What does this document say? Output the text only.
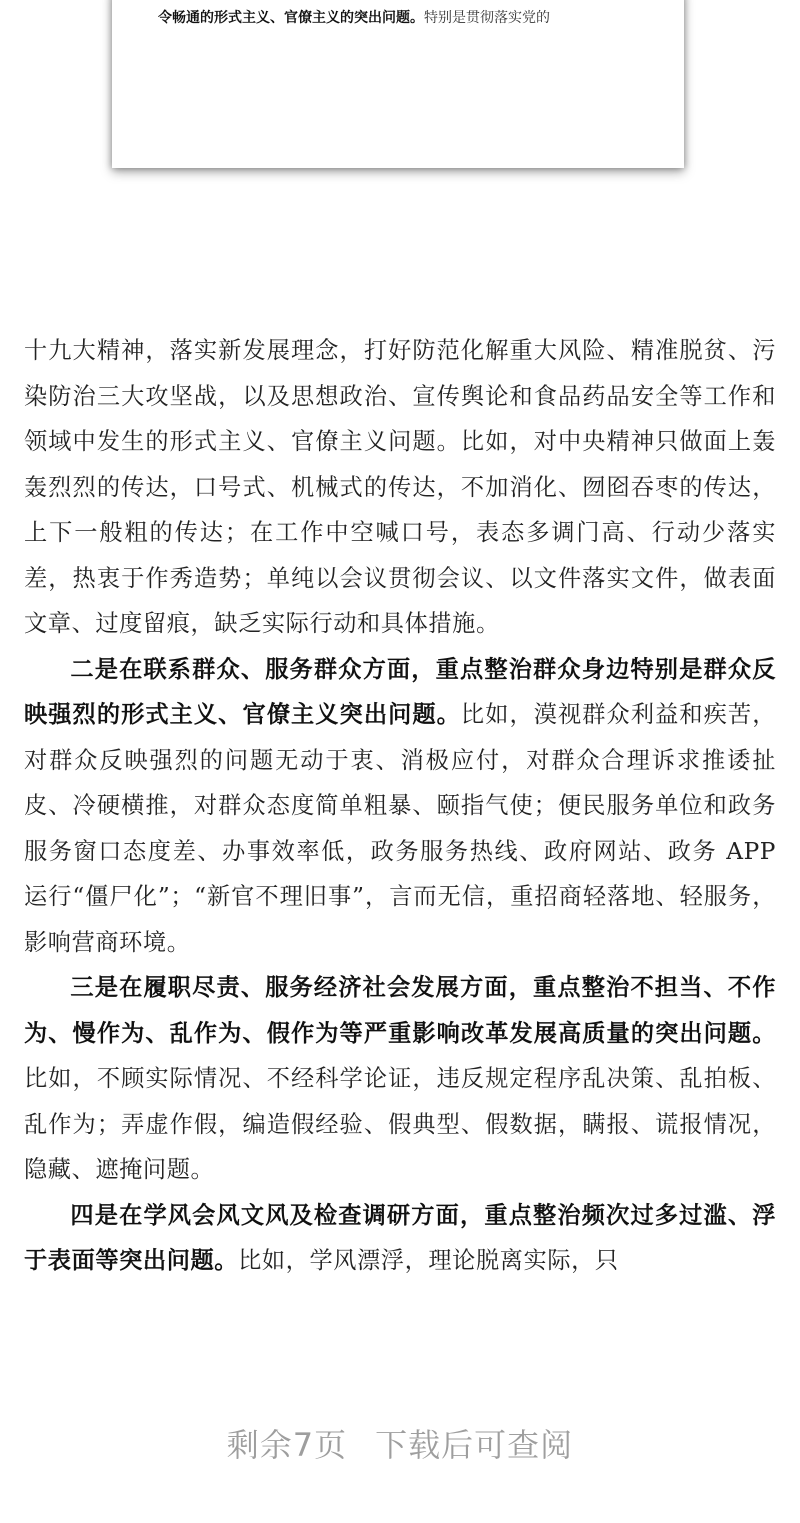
令畅通的形式主义、官僚主义的突出问题。特别是贯彻落实党的

十九大精神，落实新发展理念，打好防范化解重大风险、精准脱贫、污染防治三大攻坚战，以及思想政治、宣传舆论和食品药品安全等工作和领域中发生的形式主义、官僚主义问题。比如，对中央精神只做面上轰轰烈烈的传达，口号式、机械式的传达，不加消化、囫囵吞枣的传达，上下一般粗的传达；在工作中空喊口号，表态多调门高、行动少落实差，热衷于作秀造势；单纯以会议贯彻会议、以文件落实文件，做表面文章、过度留痕，缺乏实际行动和具体措施。

二是在联系群众、服务群众方面，重点整治群众身边特别是群众反映强烈的形式主义、官僚主义突出问题。比如，漠视群众利益和疾苦，对群众反映强烈的问题无动于衷、消极应付，对群众合理诉求推诿扯皮、冷硬横推，对群众态度简单粗暴、颐指气使；便民服务单位和政务服务窗口态度差、办事效率低，政务服务热线、政府网站、政务 APP 运行“僵尸化”；“新官不理旧事”，言而无信，重招商轻落地、轻服务，影响营商环境。

三是在履职尽责、服务经济社会发展方面，重点整治不担当、不作为、慢作为、乱作为、假作为等严重影响改革发展高质量的突出问题。比如，不顾实际情况、不经科学论证，违反规定程序乱决策、乱拍板、乱作为；弄虚作假，编造假经验、假典型、假数据，瞒报、谎报情况，隐藏、遮掩问题。

四是在学风会风文风及检查调研方面，重点整治频次过多过滥、浮于表面等突出问题。比如，学风漂浮，理论脱离实际，只

剩余7页 下载后可查阅
